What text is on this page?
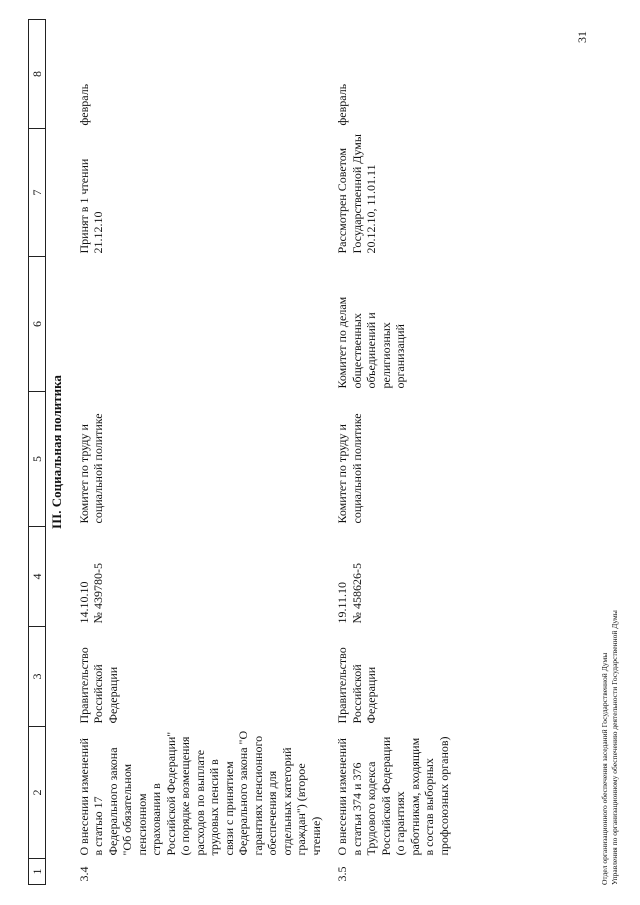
1	2	3	4	5	6	7	8
III. Социальная политика							
3.4	О внесении изменений в статью 17 Федерального закона "Об обязательном пенсионном страховании в Российской Федерации" (о порядке возмещения расходов по выплате трудовых пенсий в связи с принятием Федерального закона "О гарантиях пенсионного обеспечения для отдельных категорий граждан") (второе чтение)	Правительство Российской Федерации	14.10.10 № 439780-5	Комитет по труду и социальной политике		Принят в 1 чтении 21.12.10	февраль
3.5	О внесении изменений в статьи 374 и 376 Трудового кодекса Российской Федерации (о гарантиях работникам, входящим в состав выборных профсоюзных органов)	Правительство Российской Федерации	19.11.10 № 458626-5	Комитет по труду и социальной политике	Комитет по делам общественных объединений и религиозных организаций	Рассмотрен Советом Государственной Думы 20.12.10, 11.01.11	февраль
Отдел организационного обеспечения заседаний Государственной Думы Управления по организационному обеспечению деятельности Государственной Думы
31
